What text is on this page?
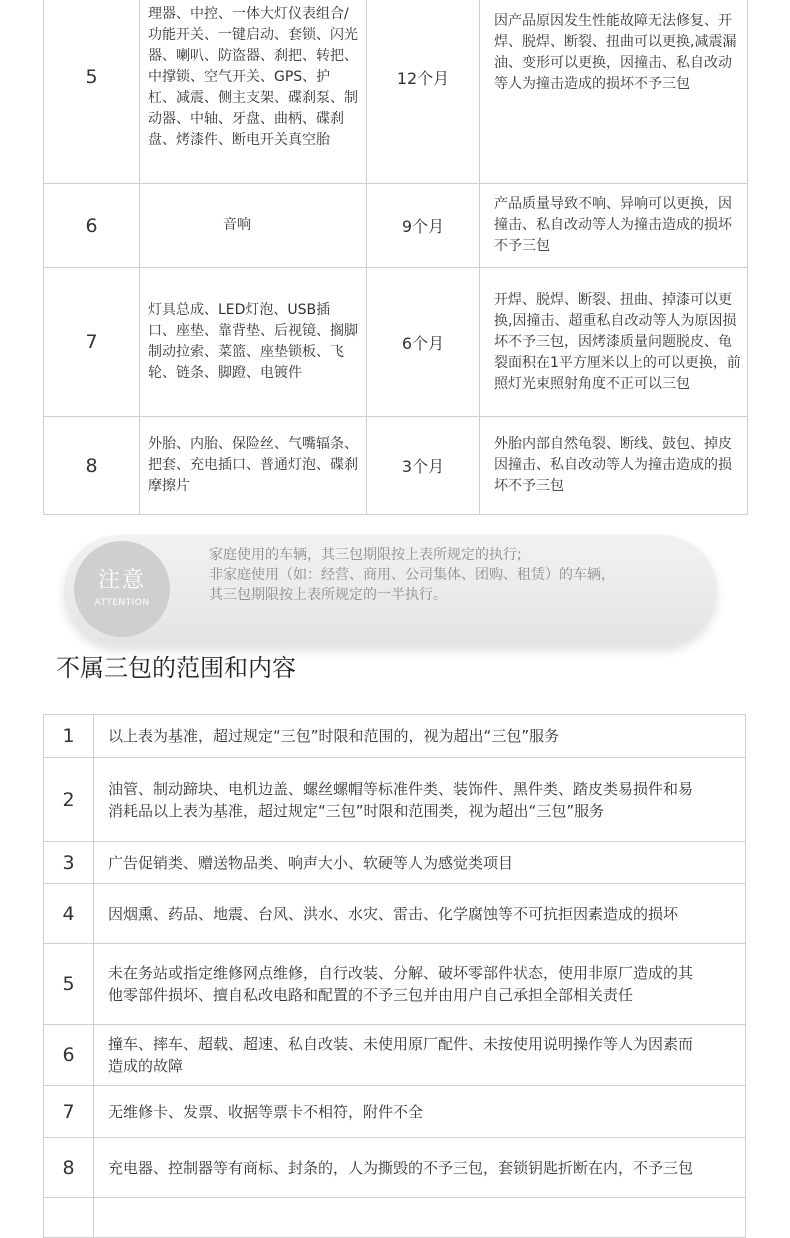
5	理器、中控、一体大灯仪表组合/功能开关、一键启动、套锁、闪光器、喇叭、防盗器、刹把、转把、中撑锁、空气开关、GPS、护杠、减震、侧主支架、碟刹泵、制动器、中轴、牙盘、曲柄、碟刹盘、烤漆件、断电开关真空胎	12个月	因产品原因发生性能故障无法修复、开焊、脱焊、断裂、扭曲可以更换,减震漏油、变形可以更换，因撞击、私自改动等人为撞击造成的损坏不予三包
6	音响	9个月	产品质量导致不响、异响可以更换，因撞击、私自改动等人为撞击造成的损坏不予三包
7	灯具总成、LED灯泡、USB插口、座垫、靠背垫、后视镜、搁脚制动拉索、菜篮、座垫锁板、飞轮、链条、脚蹬、电镀件	6个月	开焊、脱焊、断裂、扭曲、掉漆可以更换,因撞击、超重私自改动等人为原因损坏不予三包，因烤漆质量问题脱皮、龟裂面积在1平方厘米以上的可以更换，前照灯光束照射角度不正可以三包
8	外胎、内胎、保险丝、气嘴辐条、把套、充电插口、普通灯泡、碟刹摩擦片	3个月	外胎内部自然龟裂、断线、鼓包、掉皮因撞击、私自改动等人为撞击造成的损坏不予三包
注意
ATTENTION
家庭使用的车辆，其三包期限按上表所规定的执行;
非家庭使用（如：经营、商用、公司集体、团购、租赁）的车辆，
其三包期限按上表所规定的一半执行。
不属三包的范围和内容
1	以上表为基准，超过规定“三包”时限和范围的，视为超出“三包”服务
2	油管、制动蹄块、电机边盖、螺丝螺帽等标准件类、装饰件、黑件类、踏皮类易损件和易消耗品以上表为基准，超过规定“三包”时限和范围类，视为超出“三包”服务
3	广告促销类、赠送物品类、响声大小、软硬等人为感觉类项目
4	因烟熏、药品、地震、台风、洪水、水灾、雷击、化学腐蚀等不可抗拒因素造成的损坏
5	未在务站或指定维修网点维修，自行改装、分解、破坏零部件状态，使用非原厂造成的其他零部件损坏、擅自私改电路和配置的不予三包并由用户自己承担全部相关责任
6	撞车、摔车、超载、超速、私自改装、未使用原厂配件、未按使用说明操作等人为因素而造成的故障
7	无维修卡、发票、收据等票卡不相符，附件不全
8	充电器、控制器等有商标、封条的，人为撕毁的不予三包，套锁钥匙折断在内，不予三包
